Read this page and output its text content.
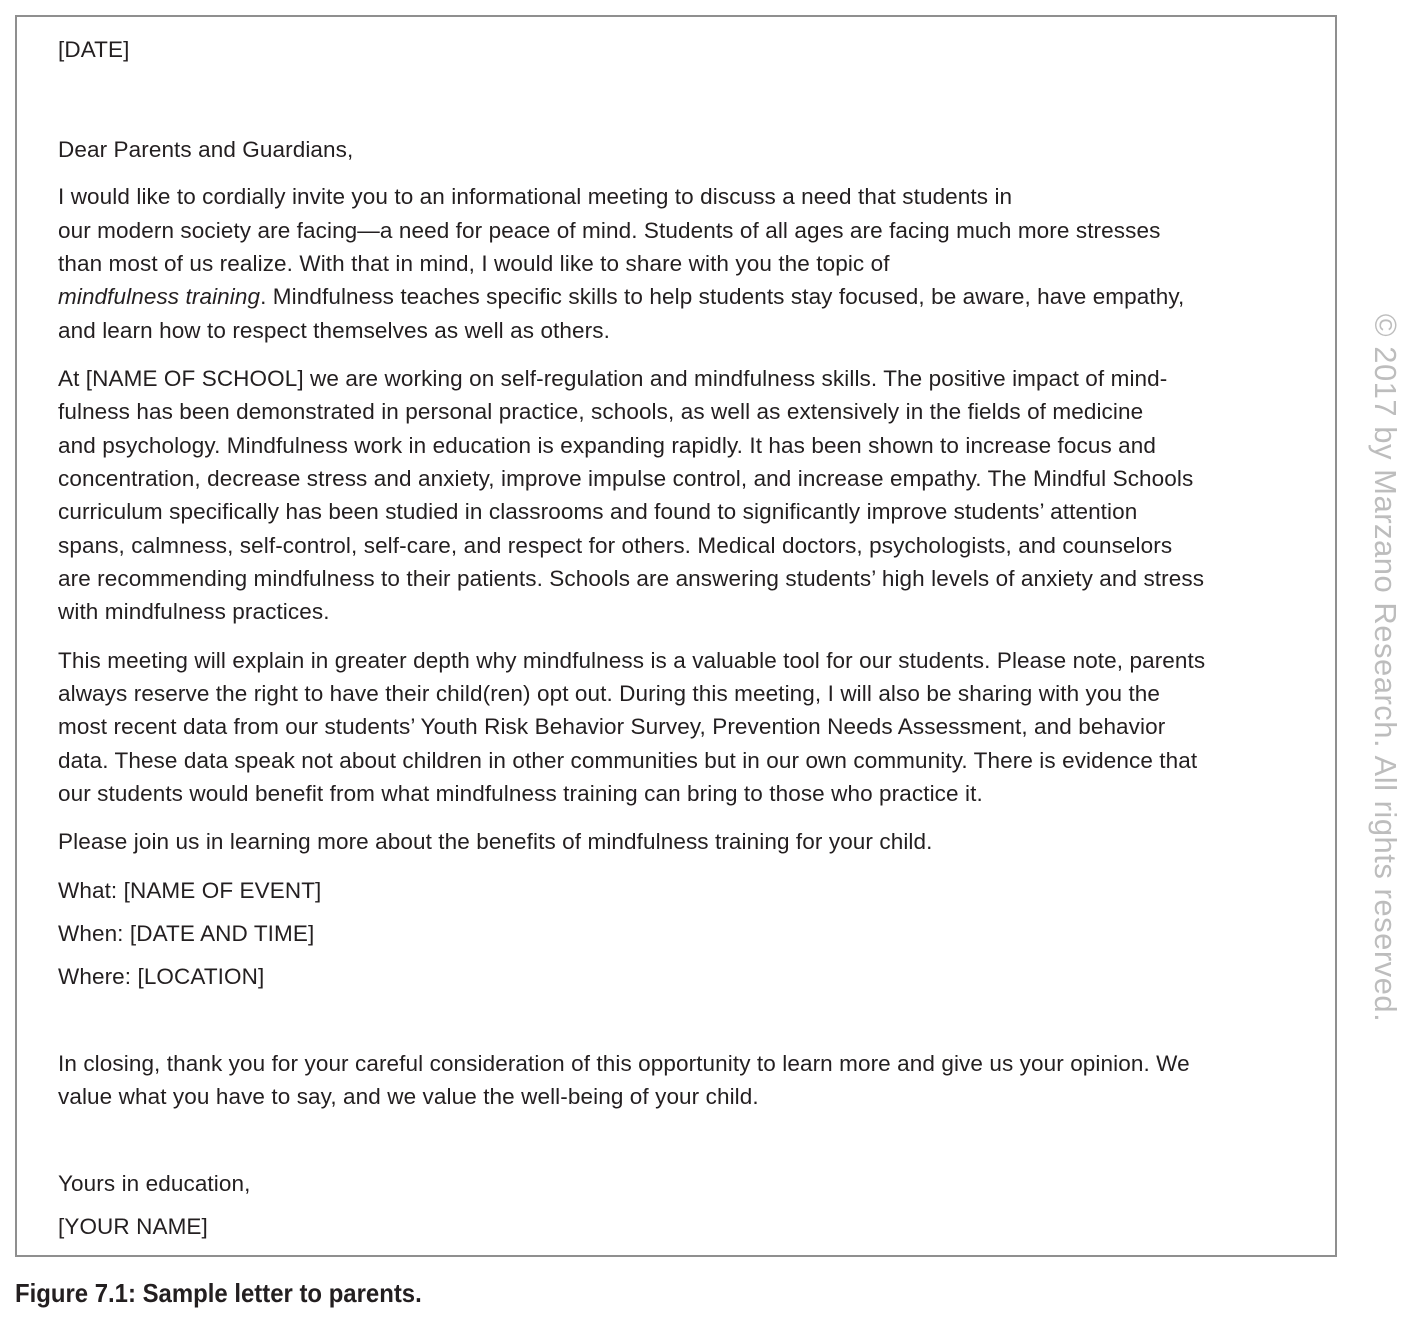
[DATE]

Dear Parents and Guardians,

I would like to cordially invite you to an informational meeting to discuss a need that students in

our modern society are facing—a need for peace of mind. Students of all ages are facing much more stresses

than most of us realize. With that in mind, I would like to share with you the topic of

mindfulness training. Mindfulness teaches specific skills to help students stay focused, be aware, have empathy,

and learn how to respect themselves as well as others.

At [NAME OF SCHOOL] we are working on self-regulation and mindfulness skills. The positive impact of mind-

fulness has been demonstrated in personal practice, schools, as well as extensively in the fields of medicine

and psychology. Mindfulness work in education is expanding rapidly. It has been shown to increase focus and

concentration, decrease stress and anxiety, improve impulse control, and increase empathy. The Mindful Schools

curriculum specifically has been studied in classrooms and found to significantly improve students’ attention

spans, calmness, self-control, self-care, and respect for others. Medical doctors, psychologists, and counselors

are recommending mindfulness to their patients. Schools are answering students’ high levels of anxiety and stress

with mindfulness practices.

This meeting will explain in greater depth why mindfulness is a valuable tool for our students. Please note, parents

always reserve the right to have their child(ren) opt out. During this meeting, I will also be sharing with you the

most recent data from our students’ Youth Risk Behavior Survey, Prevention Needs Assessment, and behavior

data. These data speak not about children in other communities but in our own community. There is evidence that

our students would benefit from what mindfulness training can bring to those who practice it.

Please join us in learning more about the benefits of mindfulness training for your child.

What: [NAME OF EVENT]

When: [DATE AND TIME]

Where: [LOCATION]

In closing, thank you for your careful consideration of this opportunity to learn more and give us your opinion. We

value what you have to say, and we value the well-being of your child.

Yours in education,

[YOUR NAME]

© 2017 by Marzano Research. All rights reserved.

Figure 7.1: Sample letter to parents.
